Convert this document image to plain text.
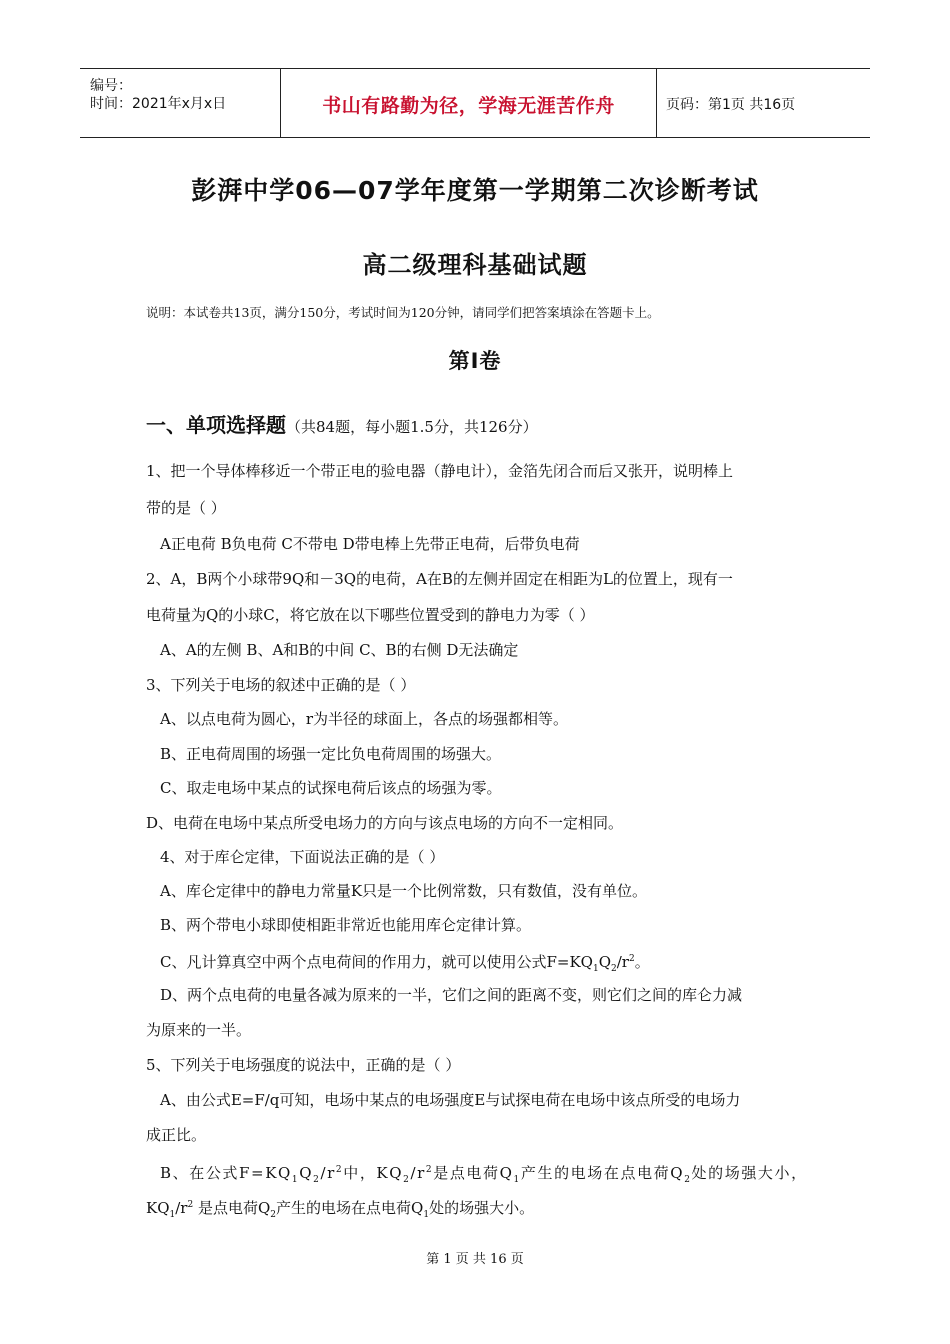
编号：
时间：2021年x月x日	书山有路勤为径，学海无涯苦作舟	页码：第1页 共16页
彭湃中学06—07学年度第一学期第二次诊断考试
高二级理科基础试题
说明：本试卷共13页，满分150分，考试时间为120分钟，请同学们把答案填涂在答题卡上。
第Ⅰ卷
一、单项选择题（共84题，每小题1.5分，共126分）
1、把一个导体棒移近一个带正电的验电器（静电计），金箔先闭合而后又张开，说明棒上
带的是（ ）
A正电荷 B负电荷 C不带电 D带电棒上先带正电荷，后带负电荷
2、A，B两个小球带9Q和－3Q的电荷，A在B的左侧并固定在相距为L的位置上，现有一
电荷量为Q的小球C，将它放在以下哪些位置受到的静电力为零（ ）
A、A的左侧 B、A和B的中间 C、B的右侧 D无法确定
3、下列关于电场的叙述中正确的是（ ）
A、以点电荷为圆心，r为半径的球面上，各点的场强都相等。
B、正电荷周围的场强一定比负电荷周围的场强大。
C、取走电场中某点的试探电荷后该点的场强为零。
D、电荷在电场中某点所受电场力的方向与该点电场的方向不一定相同。
4、对于库仑定律，下面说法正确的是（ ）
A、库仑定律中的静电力常量K只是一个比例常数，只有数值，没有单位。
B、两个带电小球即使相距非常近也能用库仑定律计算。
C、凡计算真空中两个点电荷间的作用力，就可以使用公式$F=KQ_1Q_2/r^2$。
D、两个点电荷的电量各减为原来的一半，它们之间的距离不变，则它们之间的库仑力减
为原来的一半。
5、下列关于电场强度的说法中，正确的是（ ）
A、由公式E=F/q可知，电场中某点的电场强度E与试探电荷在电场中该点所受的电场力
成正比。
B、在公式$F=KQ_1Q_2/r^2$中，$KQ_2/r^2$是点电荷$Q_1$产生的电场在点电荷$Q_2$处的场强大小，
$KQ_1/r^2$ 是点电荷$Q_2$产生的电场在点电荷$Q_1$处的场强大小。
第 1 页 共 16 页
